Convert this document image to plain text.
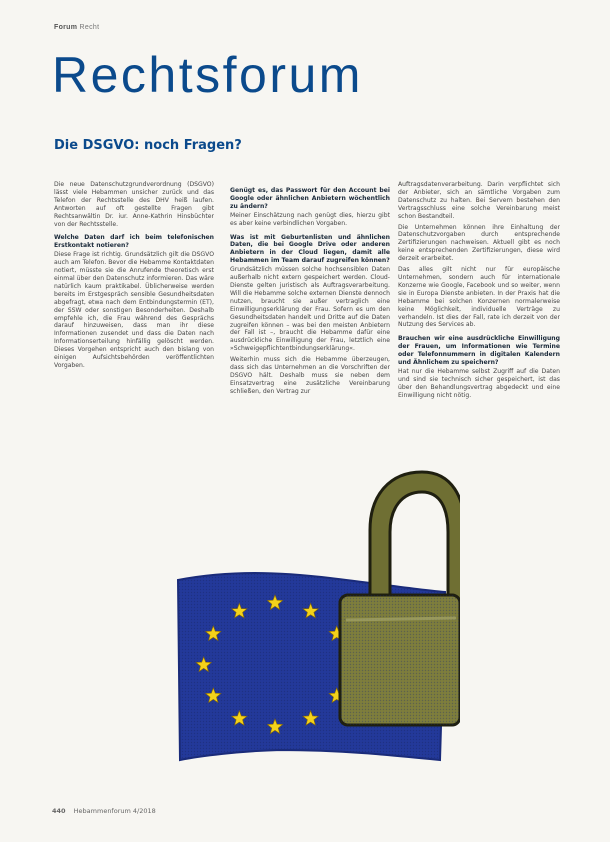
Forum Recht
Rechtsforum
Die DSGVO: noch Fragen?

Die neue Datenschutzgrundverordnung (DSGVO) lässt viele Hebammen unsicher zurück und das Telefon der Rechtsstelle des DHV heiß laufen. Antworten auf oft gestellte Fragen gibt Rechtsanwältin Dr. iur. Anne-Kathrin Hinsbüchter von der Rechtsstelle.

Welche Daten darf ich beim telefonischen Erstkontakt notieren?

Diese Frage ist richtig. Grundsätzlich gilt die DSGVO auch am Telefon. Bevor die Hebamme Kontaktdaten notiert, müsste sie die Anrufende theoretisch erst einmal über den Datenschutz informieren. Das wäre natürlich kaum praktikabel. Üblicherweise werden bereits im Erstgespräch sensible Gesundheitsdaten abgefragt, etwa nach dem Entbindungstermin (ET), der SSW oder sonstigen Besonderheiten. Deshalb empfehle ich, die Frau während des Gesprächs darauf hinzuweisen, dass man ihr diese Informationen zusendet und dass die Daten nach Informationserteilung hinfällig gelöscht werden. Dieses Vorgehen entspricht auch den bislang von einigen Aufsichtsbehörden veröffentlichten Vorgaben.

Genügt es, das Passwort für den Account bei Google oder ähnlichen Anbietern wöchentlich zu ändern?

Meiner Einschätzung nach genügt dies, hierzu gibt es aber keine verbindlichen Vorgaben.

Was ist mit Geburtenlisten und ähnlichen Daten, die bei Google Drive oder anderen Anbietern in der Cloud liegen, damit alle Hebammen im Team darauf zugreifen können?

Grundsätzlich müssen solche hochsensiblen Daten außerhalb nicht extern gespeichert werden. Cloud-Dienste gelten juristisch als Auftragsverarbeitung. Will die Hebamme solche externen Dienste dennoch nutzen, braucht sie außer vertraglich eine Einwilligungserklärung der Frau. Sofern es um den Gesundheitsdaten handelt und Dritte auf die Daten zugreifen können – was bei den meisten Anbietern der Fall ist –, braucht die Hebamme dafür eine ausdrückliche Einwilligung der Frau, letztlich eine »Schweigepflichtentbindungserklärung«.

Weiterhin muss sich die Hebamme überzeugen, dass sich das Unternehmen an die Vorschriften der DSGVO hält. Deshalb muss sie neben dem Einsatzvertrag eine zusätzliche Vereinbarung schließen, den Vertrag zur

Auftragsdatenverarbeitung. Darin verpflichtet sich der Anbieter, sich an sämtliche Vorgaben zum Datenschutz zu halten. Bei Servern bestehen den Vertragsschluss eine solche Vereinbarung meist schon Bestandteil.

Die Unternehmen können ihre Einhaltung der Datenschutzvorgaben durch entsprechende Zertifizierungen nachweisen. Aktuell gibt es noch keine entsprechenden Zertifizierungen, diese wird derzeit erarbeitet.

Das alles gilt nicht nur für europäische Unternehmen, sondern auch für internationale Konzerne wie Google, Facebook und so weiter, wenn sie in Europa Dienste anbieten. In der Praxis hat die Hebamme bei solchen Konzernen normalerweise keine Möglichkeit, individuelle Verträge zu verhandeln. Ist dies der Fall, rate ich derzeit von der Nutzung des Services ab.

Brauchen wir eine ausdrückliche Einwilligung der Frauen, um Informationen wie Termine oder Telefonnummern in digitalen Kalendern und Ähnlichem zu speichern?

Hat nur die Hebamme selbst Zugriff auf die Daten und sind sie technisch sicher gespeichert, ist das über den Behandlungsvertrag abgedeckt und eine Einwilligung nicht nötig.

440 Hebammenforum 4/2018
